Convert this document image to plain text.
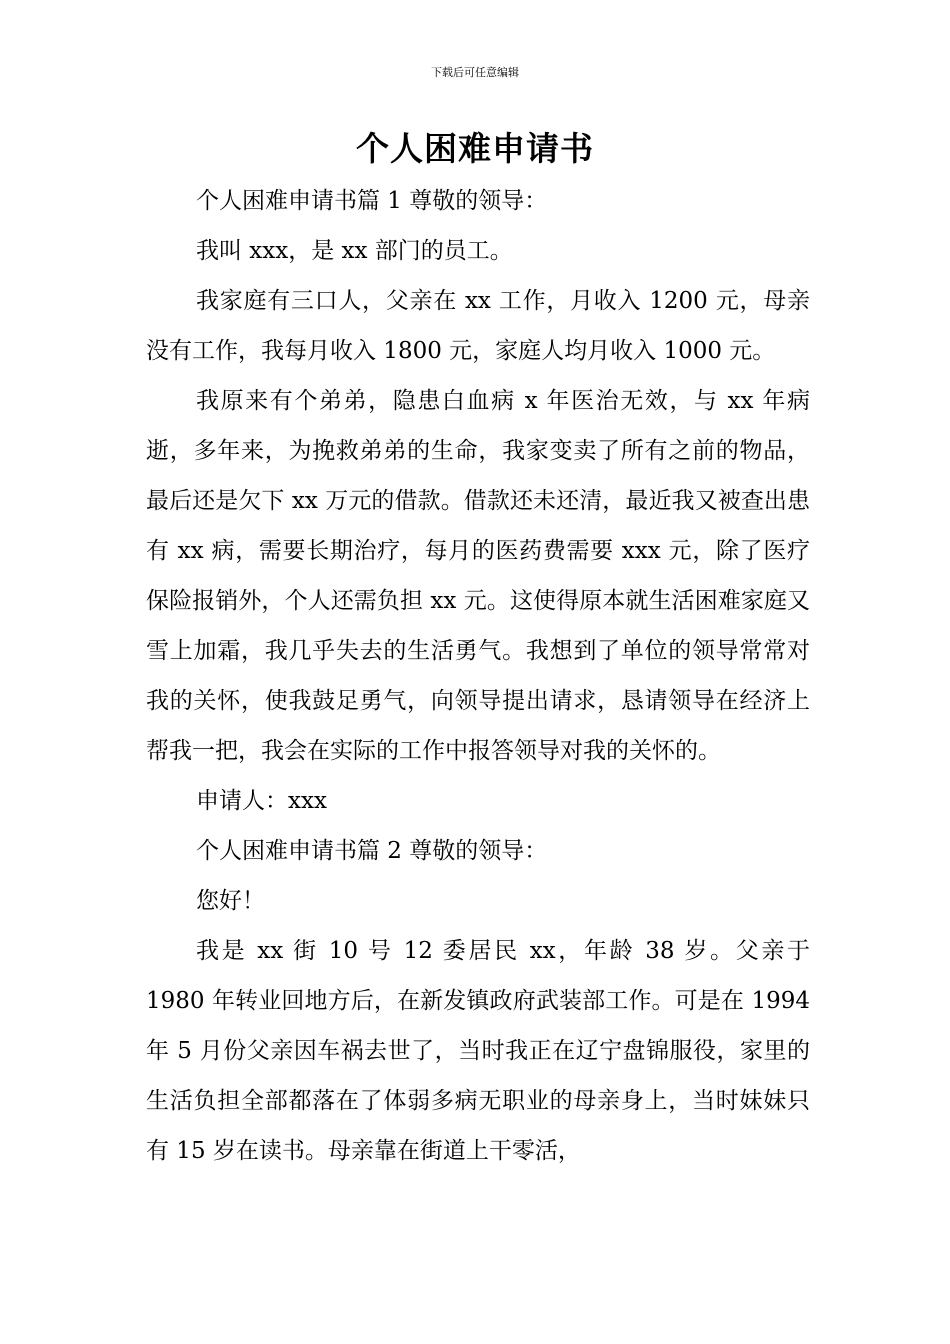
下载后可任意编辑
个人困难申请书

个人困难申请书篇 1 尊敬的领导：

我叫 xxx，是 xx 部门的员工。

我家庭有三口人，父亲在 xx 工作，月收入 1200 元，母亲没有工作，我每月收入 1800 元，家庭人均月收入 1000 元。

我原来有个弟弟，隐患白血病 x 年医治无效，与 xx 年病逝，多年来，为挽救弟弟的生命，我家变卖了所有之前的物品，最后还是欠下 xx 万元的借款。借款还未还清，最近我又被查出患有 xx 病，需要长期治疗，每月的医药费需要 xxx 元，除了医疗保险报销外，个人还需负担 xx 元。这使得原本就生活困难家庭又雪上加霜，我几乎失去的生活勇气。我想到了单位的领导常常对我的关怀，使我鼓足勇气，向领导提出请求，恳请领导在经济上帮我一把，我会在实际的工作中报答领导对我的关怀的。

申请人：xxx

个人困难申请书篇 2 尊敬的领导：

您好！

我是 xx 街 10 号 12 委居民 xx，年龄 38 岁。父亲于 1980 年转业回地方后，在新发镇政府武装部工作。可是在 1994 年 5 月份父亲因车祸去世了，当时我正在辽宁盘锦服役，家里的生活负担全部都落在了体弱多病无职业的母亲身上，当时妹妹只有 15 岁在读书。母亲靠在街道上干零活，
